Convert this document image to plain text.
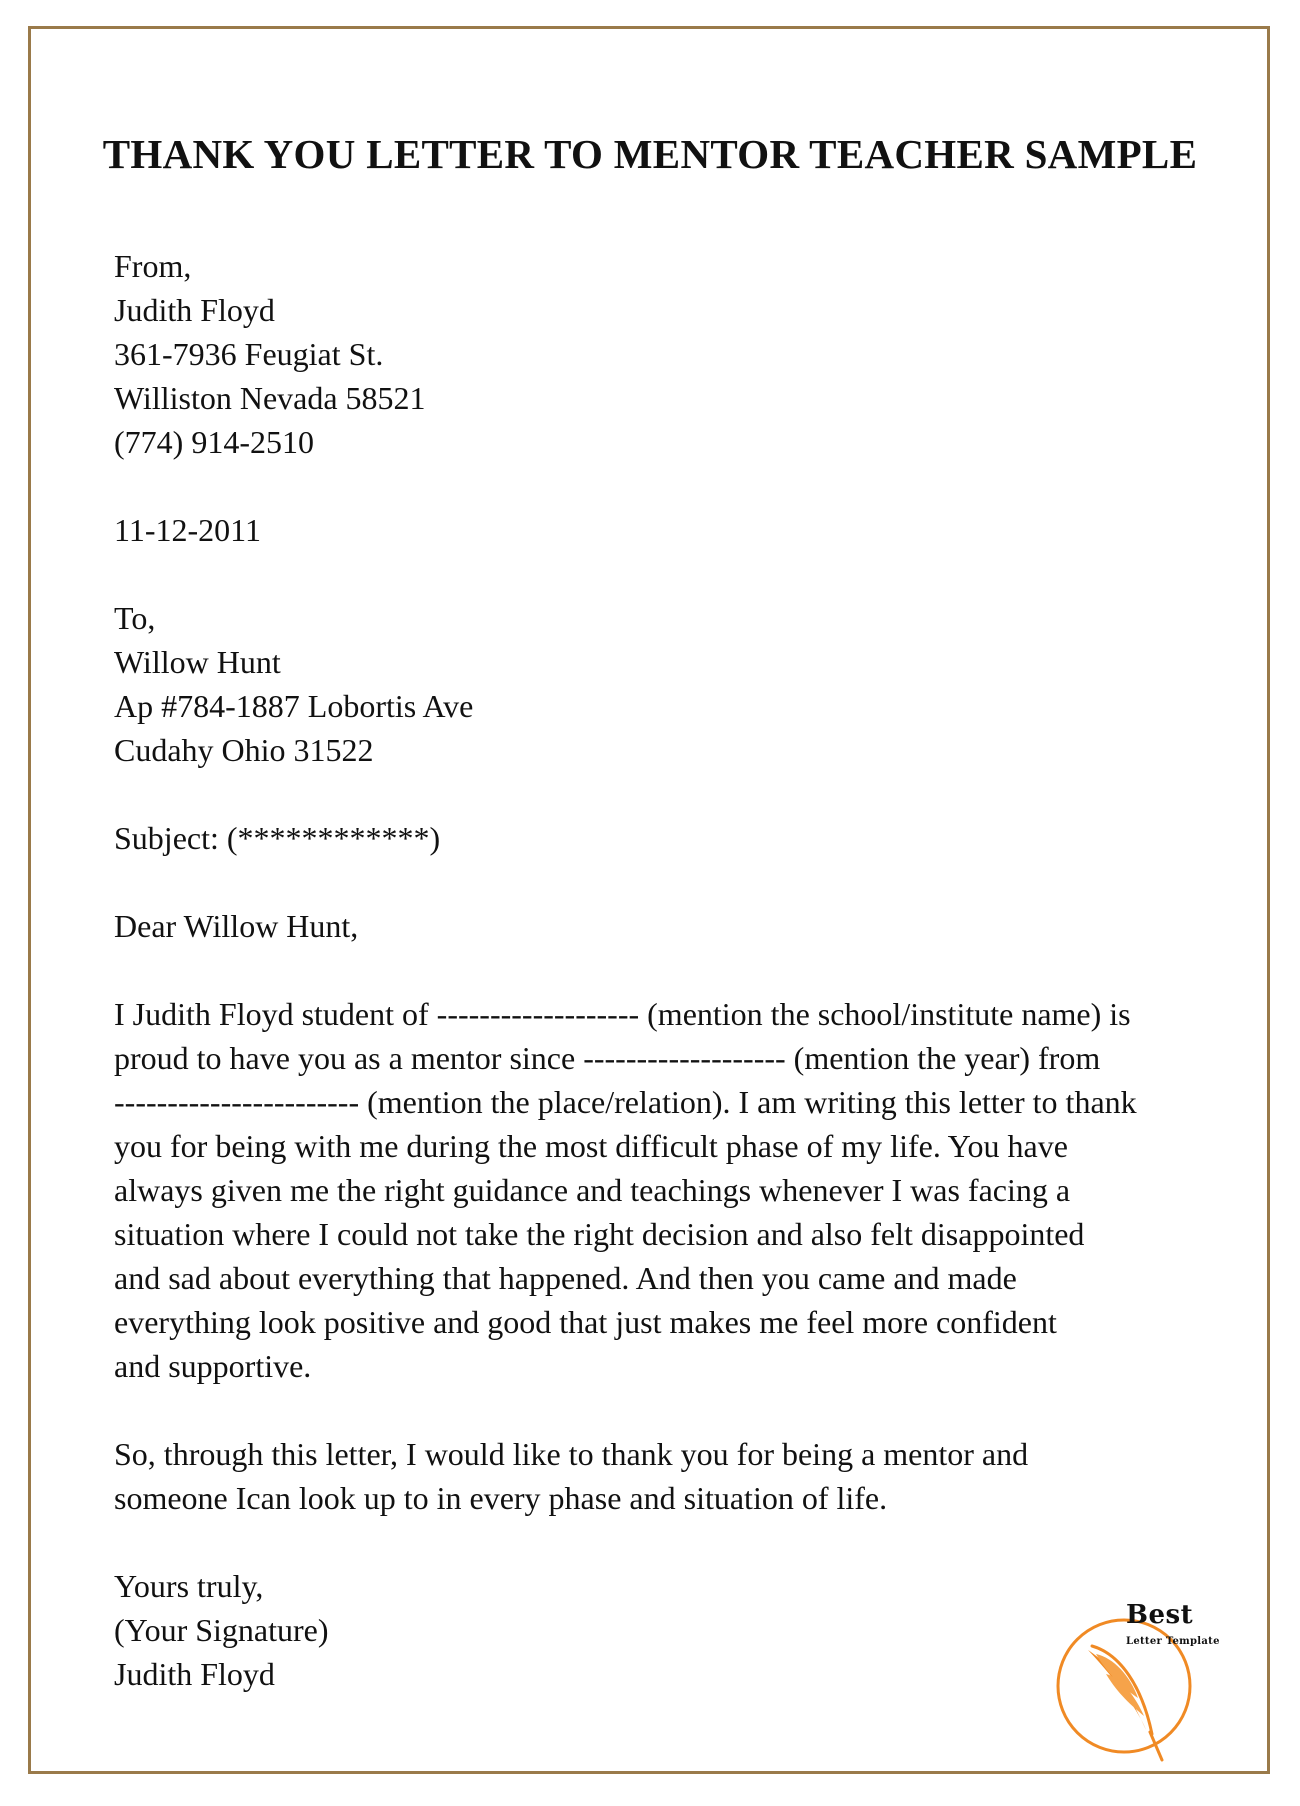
THANK YOU LETTER TO MENTOR TEACHER SAMPLE

From,

Judith Floyd

361-7936 Feugiat St.

Williston Nevada 58521

(774) 914-2510

11-12-2011

To,

Willow Hunt

Ap #784-1887 Lobortis Ave

Cudahy Ohio 31522

Subject: (************)

Dear Willow Hunt,

I Judith Floyd student of ------------------- (mention the school/institute name) is
proud to have you as a mentor since ------------------- (mention the year) from
----------------------- (mention the place/relation). I am writing this letter to thank
you for being with me during the most difficult phase of my life. You have
always given me the right guidance and teachings whenever I was facing a
situation where I could not take the right decision and also felt disappointed
and sad about everything that happened. And then you came and made
everything look positive and good that just makes me feel more confident
and supportive.

So, through this letter, I would like to thank you for being a mentor and
someone Ican look up to in every phase and situation of life.

Yours truly,

(Your Signature)

Judith Floyd

Best
Letter Template
